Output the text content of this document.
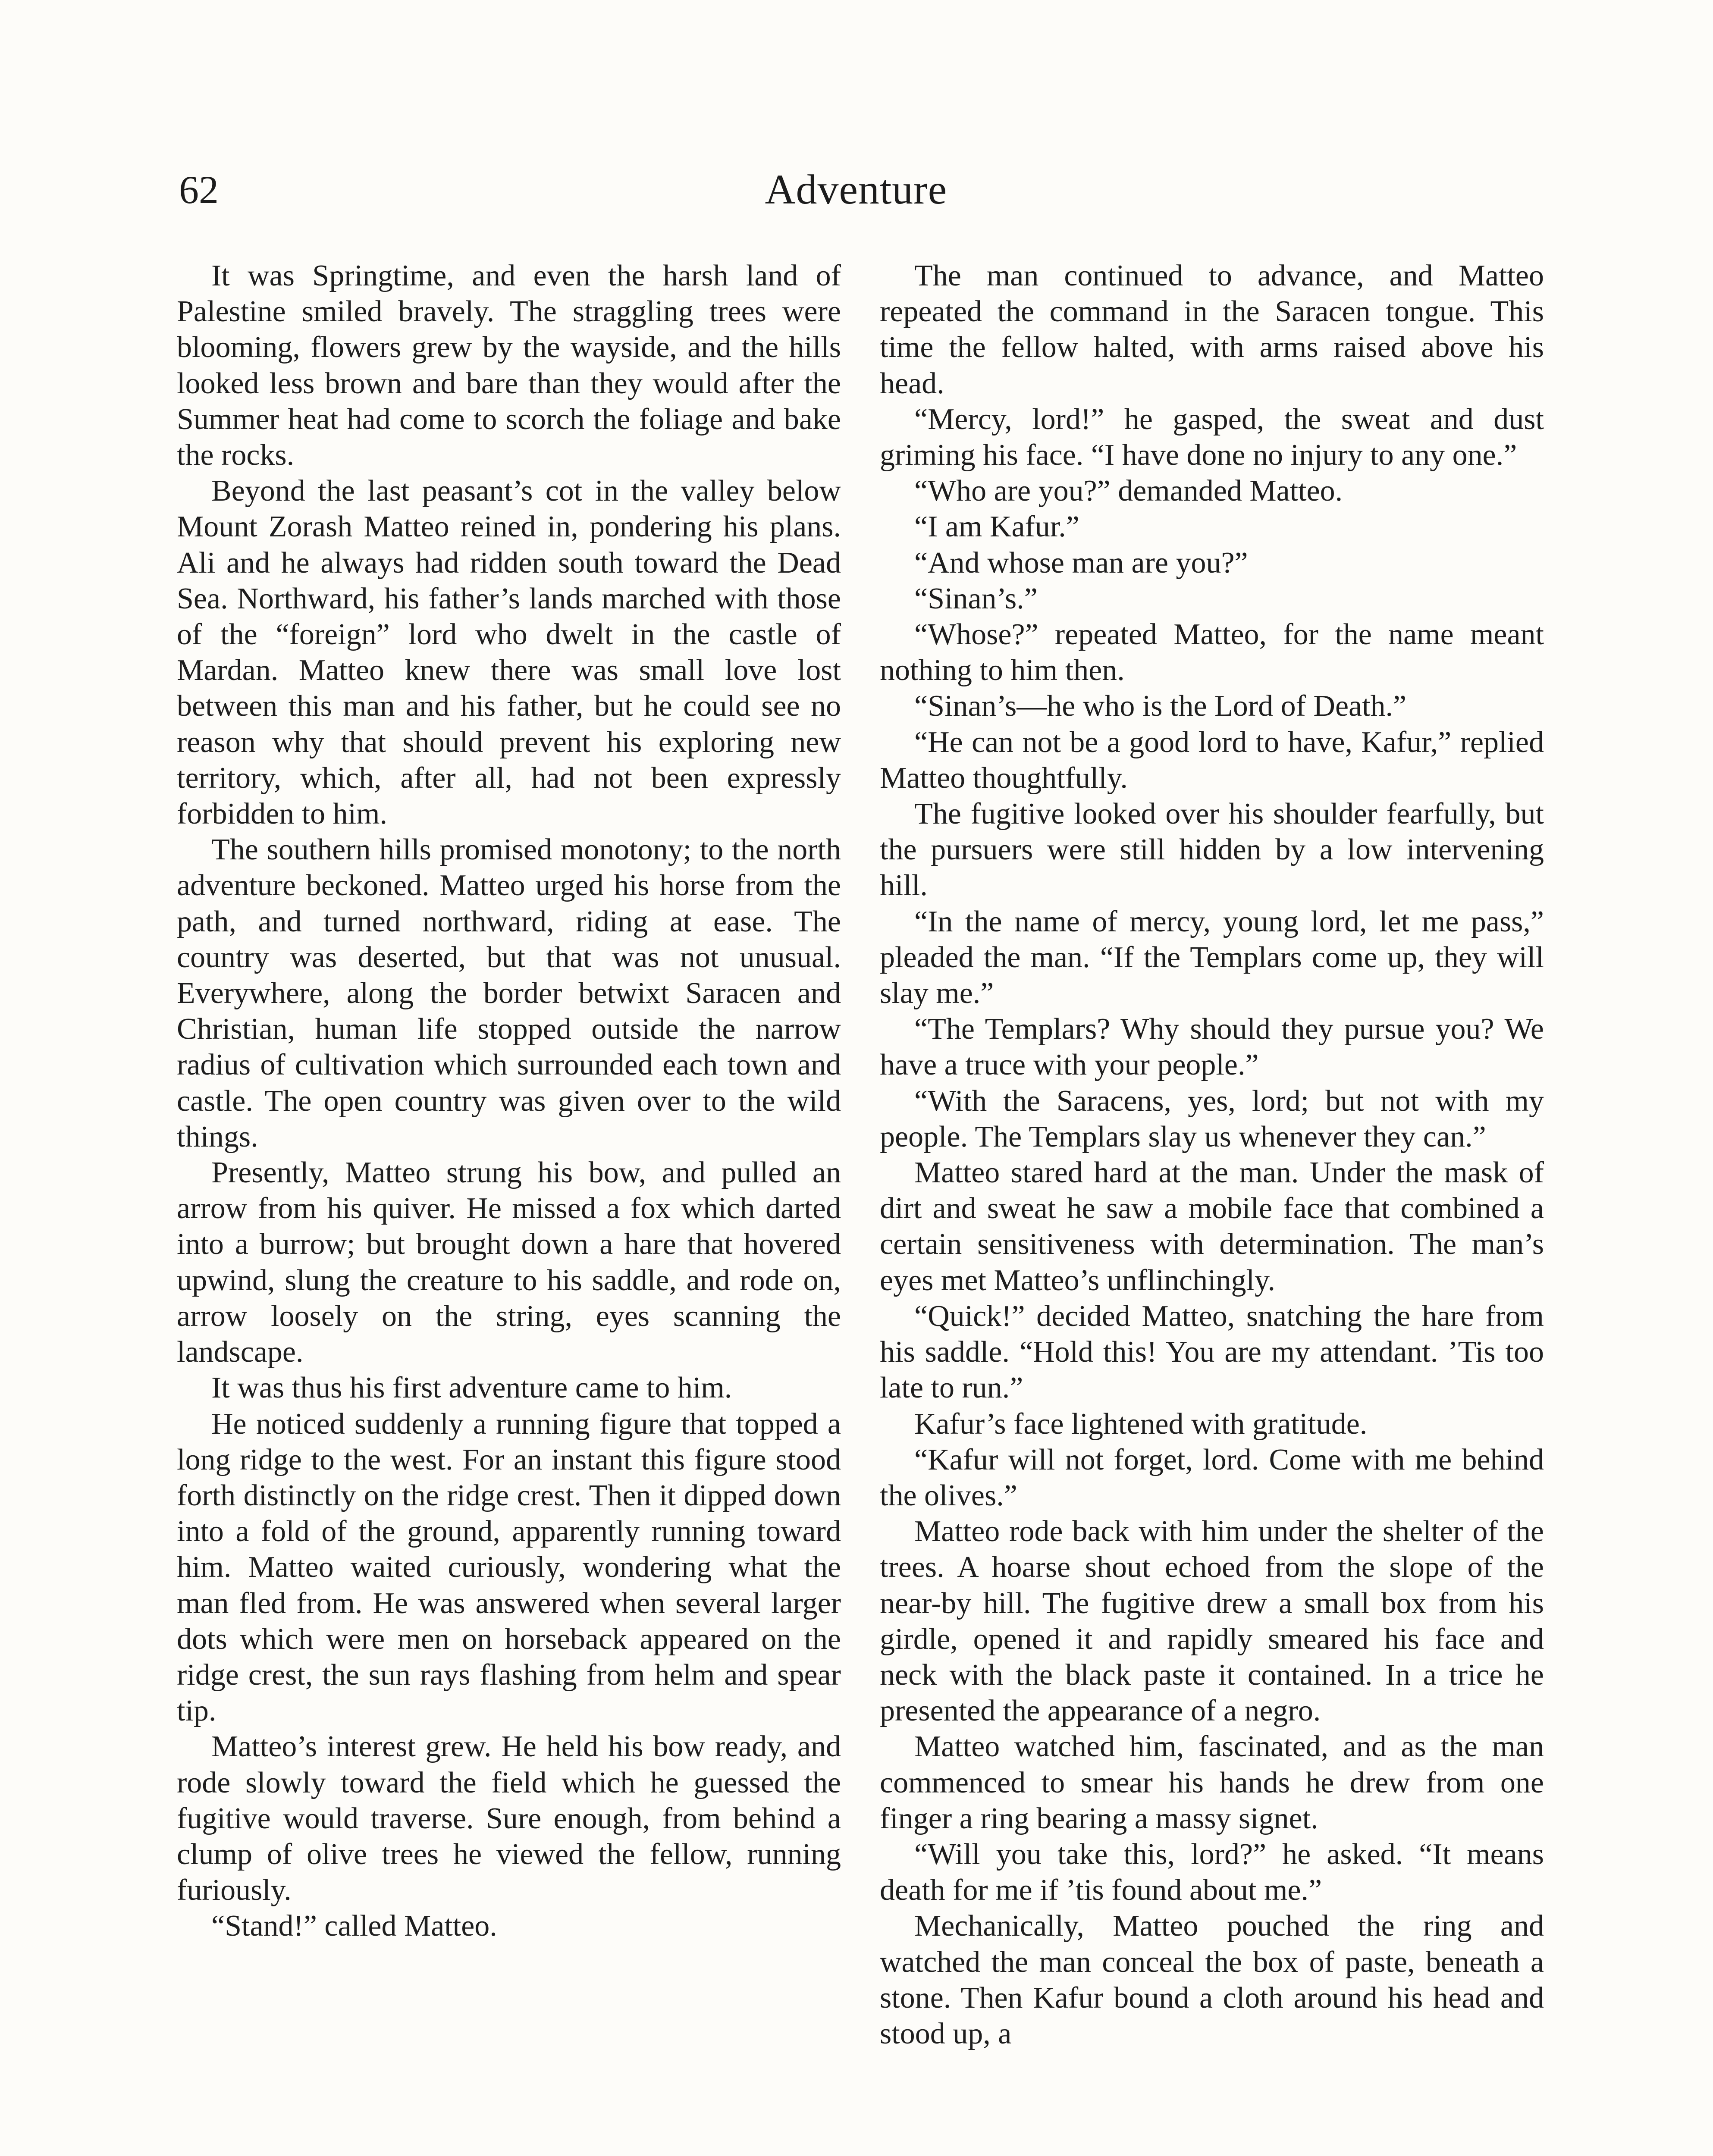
62	Adventure

It was Springtime, and even the harsh land of Palestine smiled bravely. The straggling trees were blooming, flowers grew by the wayside, and the hills looked less brown and bare than they would after the Summer heat had come to scorch the foliage and bake the rocks.

Beyond the last peasant’s cot in the valley below Mount Zorash Matteo reined in, pondering his plans. Ali and he always had ridden south toward the Dead Sea. Northward, his father’s lands marched with those of the “foreign” lord who dwelt in the castle of Mardan. Matteo knew there was small love lost between this man and his father, but he could see no reason why that should prevent his exploring new territory, which, after all, had not been expressly forbidden to him.

The southern hills promised monotony; to the north adventure beckoned. Matteo urged his horse from the path, and turned northward, riding at ease. The country was deserted, but that was not unusual. Everywhere, along the border betwixt Saracen and Christian, human life stopped outside the narrow radius of cultivation which surrounded each town and castle. The open country was given over to the wild things.

Presently, Matteo strung his bow, and pulled an arrow from his quiver. He missed a fox which darted into a burrow; but brought down a hare that hovered upwind, slung the creature to his saddle, and rode on, arrow loosely on the string, eyes scanning the landscape.

It was thus his first adventure came to him.

He noticed suddenly a running figure that topped a long ridge to the west. For an instant this figure stood forth distinctly on the ridge crest. Then it dipped down into a fold of the ground, apparently running toward him. Matteo waited curiously, wondering what the man fled from. He was answered when several larger dots which were men on horseback appeared on the ridge crest, the sun rays flashing from helm and spear tip.

Matteo’s interest grew. He held his bow ready, and rode slowly toward the field which he guessed the fugitive would traverse. Sure enough, from behind a clump of olive trees he viewed the fellow, running furiously.

“Stand!” called Matteo.

The man continued to advance, and Matteo repeated the command in the Saracen tongue. This time the fellow halted, with arms raised above his head.

“Mercy, lord!” he gasped, the sweat and dust griming his face. “I have done no injury to any one.”

“Who are you?” demanded Matteo.

“I am Kafur.”

“And whose man are you?”

“Sinan’s.”

“Whose?” repeated Matteo, for the name meant nothing to him then.

“Sinan’s—he who is the Lord of Death.”

“He can not be a good lord to have, Kafur,” replied Matteo thoughtfully.

The fugitive looked over his shoulder fearfully, but the pursuers were still hidden by a low intervening hill.

“In the name of mercy, young lord, let me pass,” pleaded the man. “If the Templars come up, they will slay me.”

“The Templars? Why should they pursue you? We have a truce with your people.”

“With the Saracens, yes, lord; but not with my people. The Templars slay us whenever they can.”

Matteo stared hard at the man. Under the mask of dirt and sweat he saw a mobile face that combined a certain sensitiveness with determination. The man’s eyes met Matteo’s unflinchingly.

“Quick!” decided Matteo, snatching the hare from his saddle. “Hold this! You are my attendant. ’Tis too late to run.”

Kafur’s face lightened with gratitude.

“Kafur will not forget, lord. Come with me behind the olives.”

Matteo rode back with him under the shelter of the trees. A hoarse shout echoed from the slope of the near-by hill. The fugitive drew a small box from his girdle, opened it and rapidly smeared his face and neck with the black paste it contained. In a trice he presented the appearance of a negro.

Matteo watched him, fascinated, and as the man commenced to smear his hands he drew from one finger a ring bearing a massy signet.

“Will you take this, lord?” he asked. “It means death for me if ’tis found about me.”

Mechanically, Matteo pouched the ring and watched the man conceal the box of paste, beneath a stone. Then Kafur bound a cloth around his head and stood up, a
